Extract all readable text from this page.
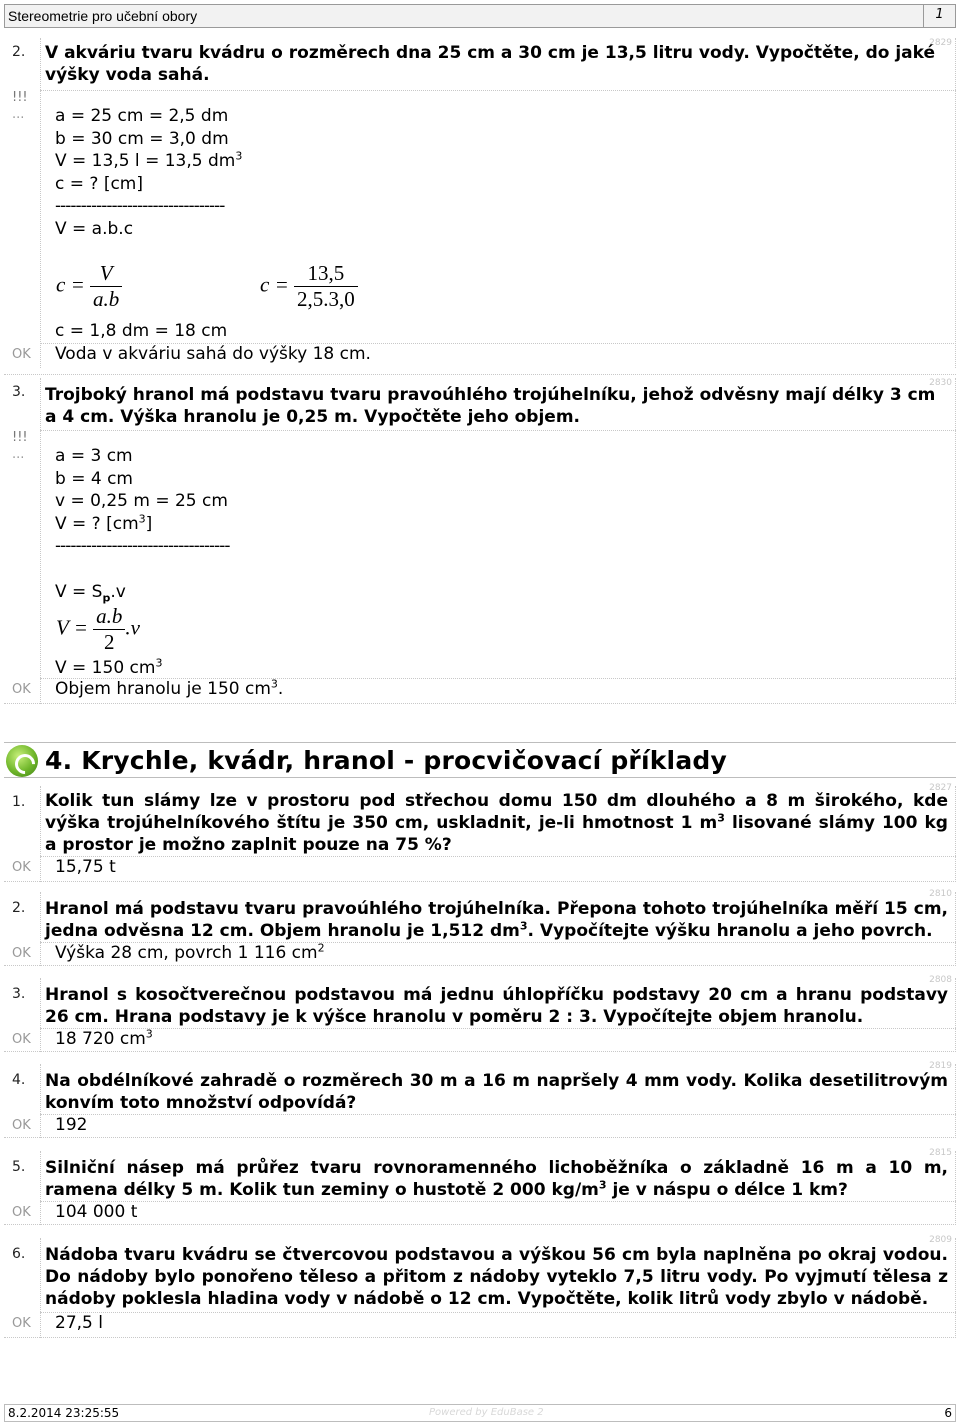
Stereometrie pro učební obory	1
2.
2829
V akváriu tvaru kvádru o rozměrech dna 25 cm a 30 cm je 13,5 litru vody. Vypočtěte, do jaké výšky voda sahá.
!!!
... a = 25 cm = 2,5 dm
b = 30 cm = 3,0 dm
V = 13,5 l = 13,5 $dm^3$
c = ? [cm]
---------------------------------
V = a.b.c
$c = \frac{V}{a.b}$	$c = \frac{13,5}{2,5.3,0}$
c = 1,8 dm = 18 cm
OK Voda v akváriu sahá do výšky 18 cm.
3.
2830
Trojboký hranol má podstavu tvaru pravoúhlého trojúhelníku, jehož odvěsny mají délky 3 cm a 4 cm. Výška hranolu je 0,25 m. Vypočtěte jeho objem.
!!!
... a = 3 cm
b = 4 cm
v = 0,25 m = 25 cm
V = ? $[cm^3]$
----------------------------------
$V = S_p.v$
$V = \frac{a.b}{2} .v$
V = 150 $cm^3$
OK Objem hranolu je 150 $cm^3$.
4. Krychle, kvádr, hranol - procvičovací příklady
1.
2827
Kolik tun slámy lze v prostoru pod střechou domu 150 dm dlouhého a 8 m širokého, kde výška trojúhelníkového štítu je 350 cm, uskladnit, je-li hmotnost 1 $m^3$ lisované slámy 100 kg a prostor je možno zaplnit pouze na 75 %?
OK 15,75 t
2.
2810
Hranol má podstavu tvaru pravoúhlého trojúhelníka. Přepona tohoto trojúhelníka měří 15 cm, jedna odvěsna 12 cm. Objem hranolu je 1,512 $dm^3$. Vypočítejte výšku hranolu a jeho povrch.
OK Výška 28 cm, povrch 1 116 $cm^2$
3.
2808
Hranol s kosočtverečnou podstavou má jednu úhlopříčku podstavy 20 cm a hranu podstavy 26 cm. Hrana podstavy je k výšce hranolu v poměru 2 : 3. Vypočítejte objem hranolu.
OK 18 720 $cm^3$
4.
2819
Na obdélníkové zahradě o rozměrech 30 m a 16 m napršely 4 mm vody. Kolika desetilitrovým konvím toto množství odpovídá?
OK 192
5.
2815
Silniční násep má průřez tvaru rovnoramenného lichoběžníka o základně 16 m a 10 m, ramena délky 5 m. Kolik tun zeminy o hustotě 2 000 $kg/m^3$ je v náspu o délce 1 km?
OK 104 000 t
6.
2809
Nádoba tvaru kvádru se čtvercovou podstavou a výškou 56 cm byla naplněna po okraj vodou. Do nádoby bylo ponořeno těleso a přitom z nádoby vyteklo 7,5 litru vody. Po vyjmutí tělesa z nádoby poklesla hladina vody v nádobě o 12 cm. Vypočtěte, kolik litrů vody zbylo v nádobě.
OK 27,5 l
8.2.2014 23:25:55	Powered by EduBase 2	6
